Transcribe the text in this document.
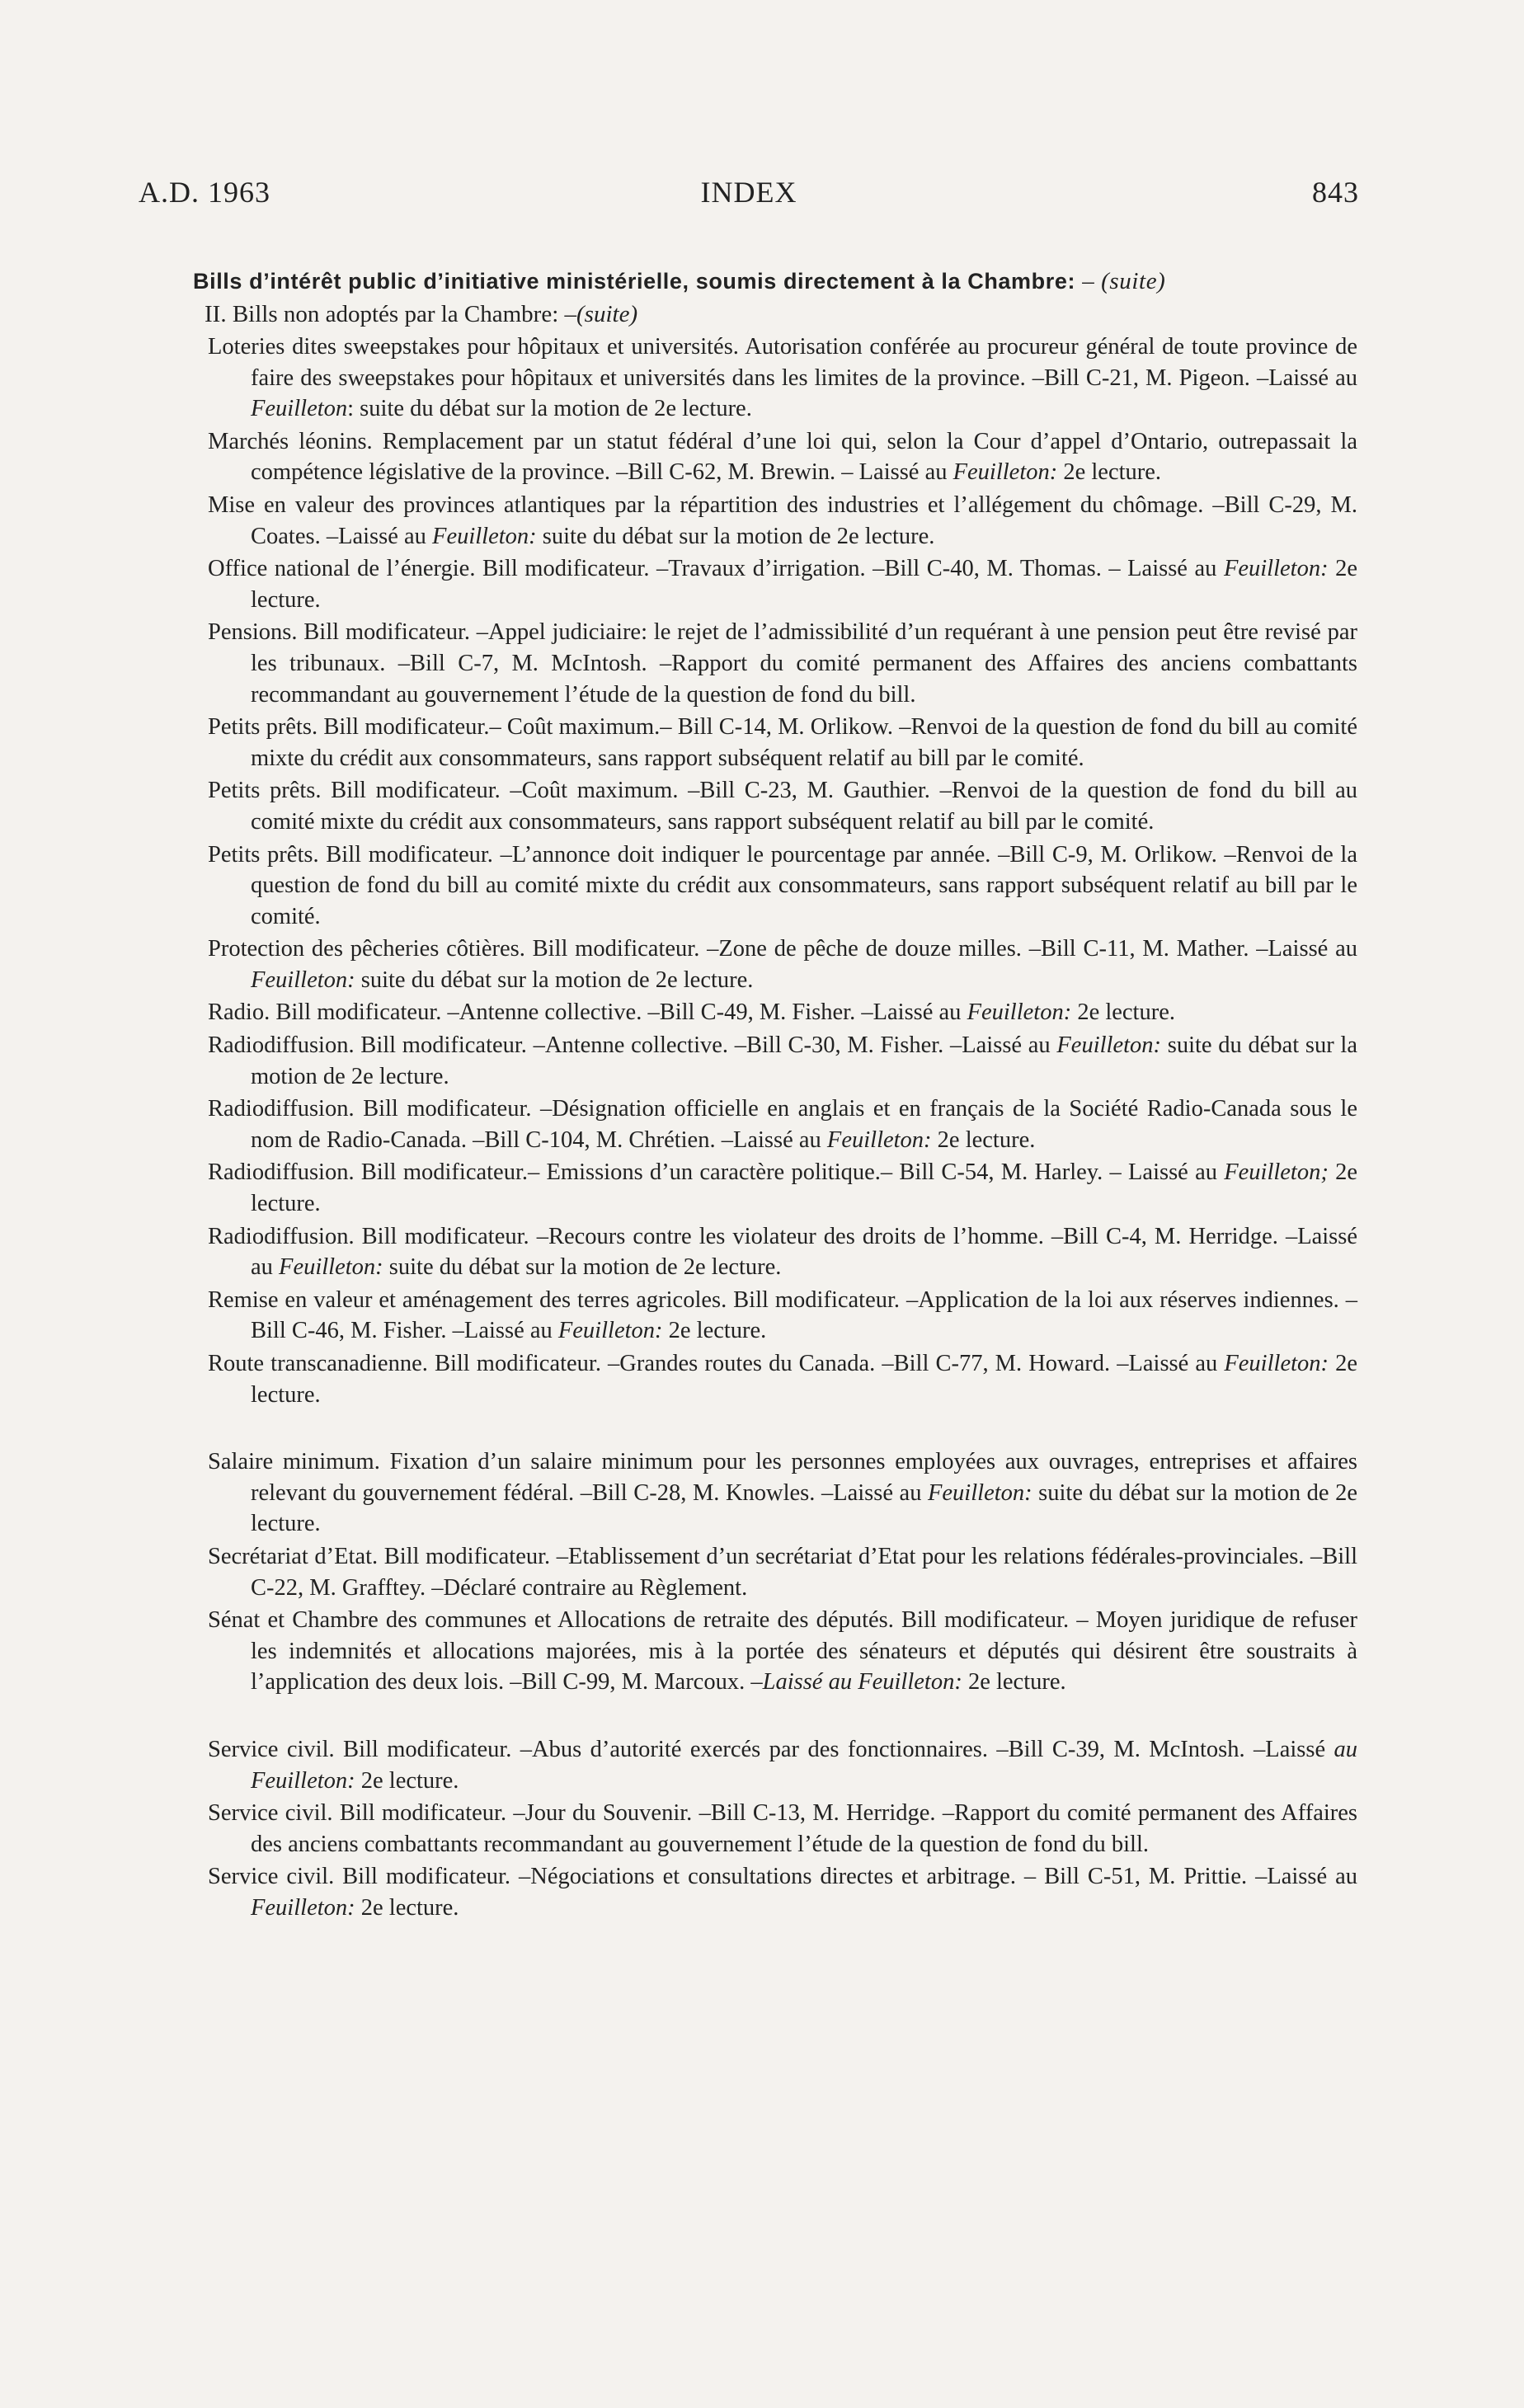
A.D. 1963	INDEX	843
Bills d’intérêt public d’initiative ministérielle, soumis directement à la Chambre: – (suite)
II. Bills non adoptés par la Chambre: –(suite)

Loteries dites sweepstakes pour hôpitaux et universités. Autorisation conférée au procureur général de toute province de faire des sweepstakes pour hôpitaux et universités dans les limites de la province. –Bill C-21, M. Pigeon. –Laissé au Feuilleton: suite du débat sur la motion de 2e lecture.

Marchés léonins. Remplacement par un statut fédéral d’une loi qui, selon la Cour d’appel d’Ontario, outrepassait la compétence législative de la province. –Bill C-62, M. Brewin. – Laissé au Feuilleton: 2e lecture.

Mise en valeur des provinces atlantiques par la répartition des industries et l’allégement du chômage. –Bill C-29, M. Coates. –Laissé au Feuilleton: suite du débat sur la motion de 2e lecture.

Office national de l’énergie. Bill modificateur. –Travaux d’irrigation. –Bill C-40, M. Thomas. – Laissé au Feuilleton: 2e lecture.

Pensions. Bill modificateur. –Appel judiciaire: le rejet de l’admissibilité d’un requérant à une pension peut être revisé par les tribunaux. –Bill C-7, M. McIntosh. –Rapport du comité permanent des Affaires des anciens combattants recommandant au gouvernement l’étude de la question de fond du bill.

Petits prêts. Bill modificateur.– Coût maximum.– Bill C-14, M. Orlikow. –Renvoi de la question de fond du bill au comité mixte du crédit aux consommateurs, sans rapport subséquent relatif au bill par le comité.

Petits prêts. Bill modificateur. –Coût maximum. –Bill C-23, M. Gauthier. –Renvoi de la question de fond du bill au comité mixte du crédit aux consommateurs, sans rapport subséquent relatif au bill par le comité.

Petits prêts. Bill modificateur. –L’annonce doit indiquer le pourcentage par année. –Bill C-9, M. Orlikow. –Renvoi de la question de fond du bill au comité mixte du crédit aux consommateurs, sans rapport subséquent relatif au bill par le comité.

Protection des pêcheries côtières. Bill modificateur. –Zone de pêche de douze milles. –Bill C-11, M. Mather. –Laissé au Feuilleton: suite du débat sur la motion de 2e lecture.

Radio. Bill modificateur. –Antenne collective. –Bill C-49, M. Fisher. –Laissé au Feuilleton: 2e lecture.

Radiodiffusion. Bill modificateur. –Antenne collective. –Bill C-30, M. Fisher. –Laissé au Feuilleton: suite du débat sur la motion de 2e lecture.

Radiodiffusion. Bill modificateur. –Désignation officielle en anglais et en français de la Société Radio-Canada sous le nom de Radio-Canada. –Bill C-104, M. Chrétien. –Laissé au Feuilleton: 2e lecture.

Radiodiffusion. Bill modificateur.– Emissions d’un caractère politique.– Bill C-54, M. Harley. – Laissé au Feuilleton; 2e lecture.

Radiodiffusion. Bill modificateur. –Recours contre les violateur des droits de l’homme. –Bill C-4, M. Herridge. –Laissé au Feuilleton: suite du débat sur la motion de 2e lecture.

Remise en valeur et aménagement des terres agricoles. Bill modificateur. –Application de la loi aux réserves indiennes. –Bill C-46, M. Fisher. –Laissé au Feuilleton: 2e lecture.

Route transcanadienne. Bill modificateur. –Grandes routes du Canada. –Bill C-77, M. Howard. –Laissé au Feuilleton: 2e lecture.

Salaire minimum. Fixation d’un salaire minimum pour les personnes employées aux ouvrages, entreprises et affaires relevant du gouvernement fédéral. –Bill C-28, M. Knowles. –Laissé au Feuilleton: suite du débat sur la motion de 2e lecture.

Secrétariat d’Etat. Bill modificateur. –Etablissement d’un secrétariat d’Etat pour les relations fédérales-provinciales. –Bill C-22, M. Grafftey. –Déclaré contraire au Règlement.

Sénat et Chambre des communes et Allocations de retraite des députés. Bill modificateur. – Moyen juridique de refuser les indemnités et allocations majorées, mis à la portée des sénateurs et députés qui désirent être soustraits à l’application des deux lois. –Bill C-99, M. Marcoux. –Laissé au Feuilleton: 2e lecture.

Service civil. Bill modificateur. –Abus d’autorité exercés par des fonctionnaires. –Bill C-39, M. McIntosh. –Laissé au Feuilleton: 2e lecture.

Service civil. Bill modificateur. –Jour du Souvenir. –Bill C-13, M. Herridge. –Rapport du comité permanent des Affaires des anciens combattants recommandant au gouvernement l’étude de la question de fond du bill.

Service civil. Bill modificateur. –Négociations et consultations directes et arbitrage. – Bill C-51, M. Prittie. –Laissé au Feuilleton: 2e lecture.
